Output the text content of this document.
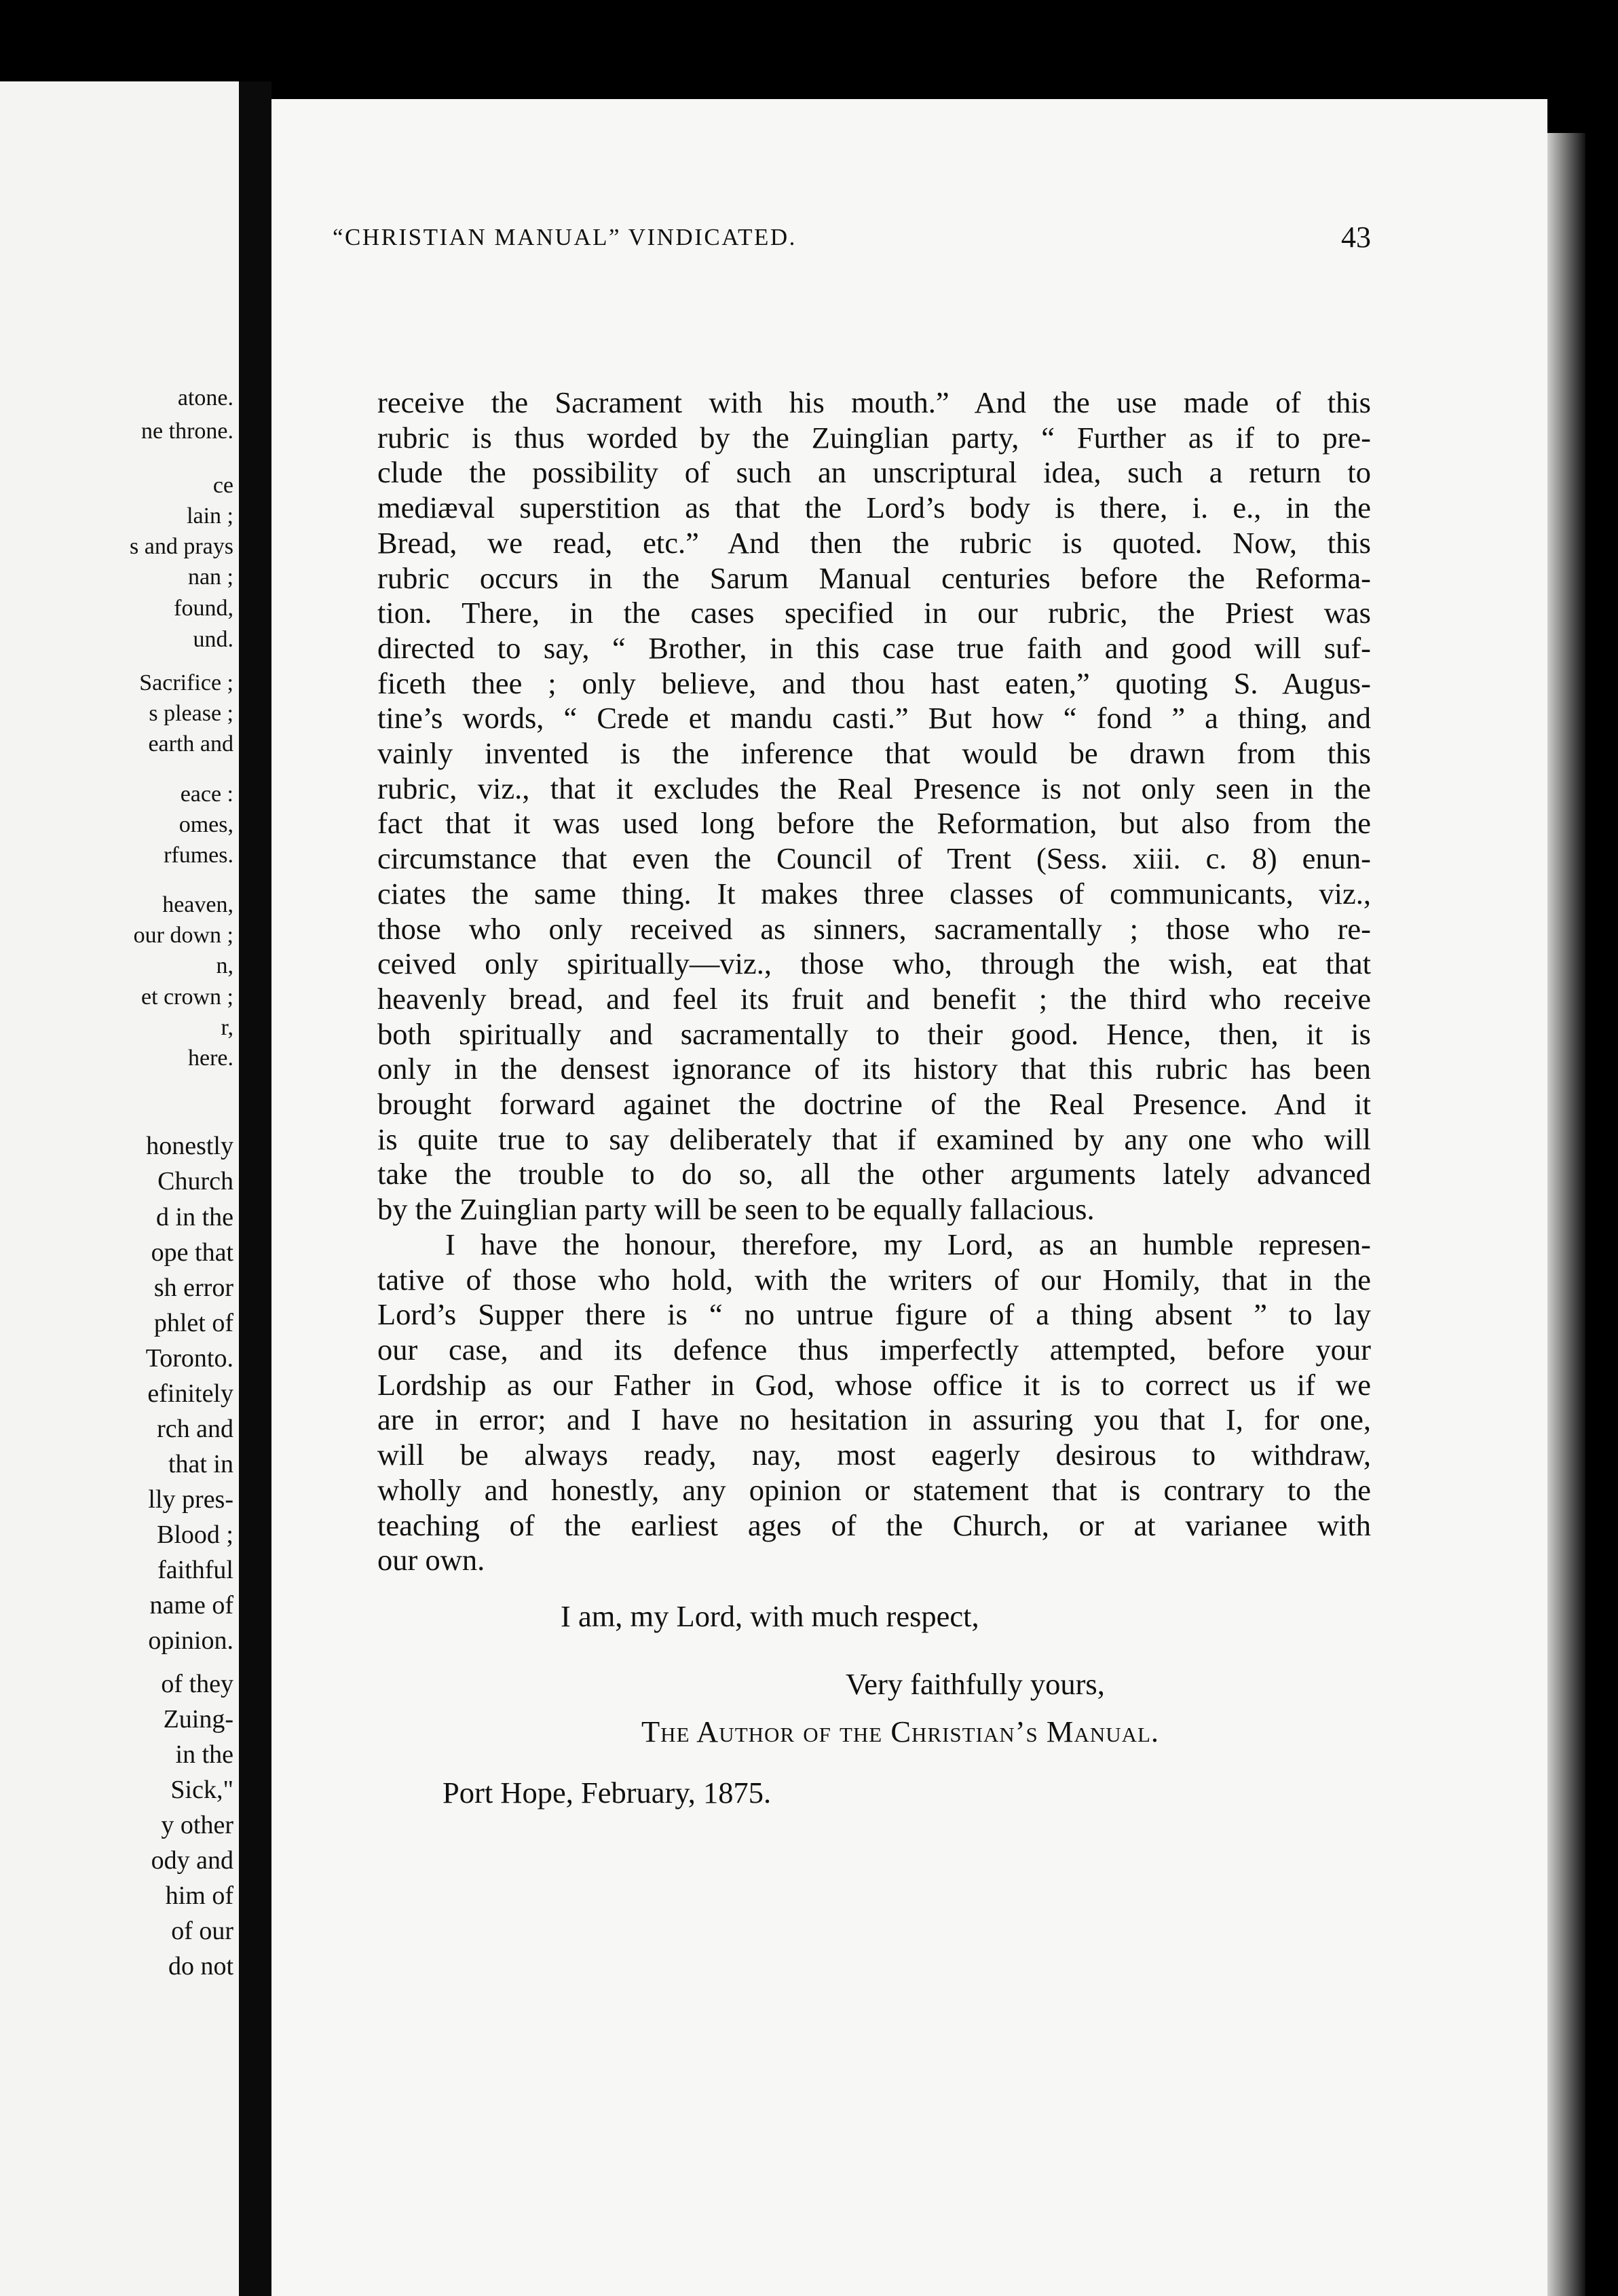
atone.
ne throne.
ce
lain ;
s and prays
nan ;
found,
und.
Sacrifice ;
s please ;
earth and
eace :
omes,
rfumes.
heaven,
our down ;
n,
et crown ;
r,
here.
honestly
Church
d in the
ope that
sh error
phlet of
Toronto.
efinitely
rch and
that in
lly pres-
Blood ;
faithful
name of
opinion.
of they
Zuing-
in the
Sick,"
y other
ody and
him of
of our
do not
“CHRISTIAN MANUAL” VINDICATED.	43
receive the Sacrament with his mouth.” And the use made of this
rubric is thus worded by the Zuinglian party, “ Further as if to pre-
clude the possibility of such an unscriptural idea, such a return to
mediæval superstition as that the Lord’s body is there, i. e., in the
Bread, we read, etc.” And then the rubric is quoted. Now, this
rubric occurs in the Sarum Manual centuries before the Reforma-
tion. There, in the cases specified in our rubric, the Priest was
directed to say, “ Brother, in this case true faith and good will suf-
ficeth thee ; only believe, and thou hast eaten,” quoting S. Augus-
tine’s words, “ Crede et mandu casti.” But how “ fond ” a thing, and
vainly invented is the inference that would be drawn from this
rubric, viz., that it excludes the Real Presence is not only seen in the
fact that it was used long before the Reformation, but also from the
circumstance that even the Council of Trent (Sess. xiii. c. 8) enun-
ciates the same thing. It makes three classes of communicants, viz.,
those who only received as sinners, sacramentally ; those who re-
ceived only spiritually—viz., those who, through the wish, eat that
heavenly bread, and feel its fruit and benefit ; the third who receive
both spiritually and sacramentally to their good. Hence, then, it is
only in the densest ignorance of its history that this rubric has been
brought forward againet the doctrine of the Real Presence. And it
is quite true to say deliberately that if examined by any one who will
take the trouble to do so, all the other arguments lately advanced
by the Zuinglian party will be seen to be equally fallacious.
I have the honour, therefore, my Lord, as an humble represen-
tative of those who hold, with the writers of our Homily, that in the
Lord’s Supper there is “ no untrue figure of a thing absent ” to lay
our case, and its defence thus imperfectly attempted, before your
Lordship as our Father in God, whose office it is to correct us if we
are in error; and I have no hesitation in assuring you that I, for one,
will be always ready, nay, most eagerly desirous to withdraw,
wholly and honestly, any opinion or statement that is contrary to the
teaching of the earliest ages of the Church, or at varianee with
our own.
I am, my Lord, with much respect,
Very faithfully yours,
The Author of the Christian’s Manual.
Port Hope, February, 1875.
